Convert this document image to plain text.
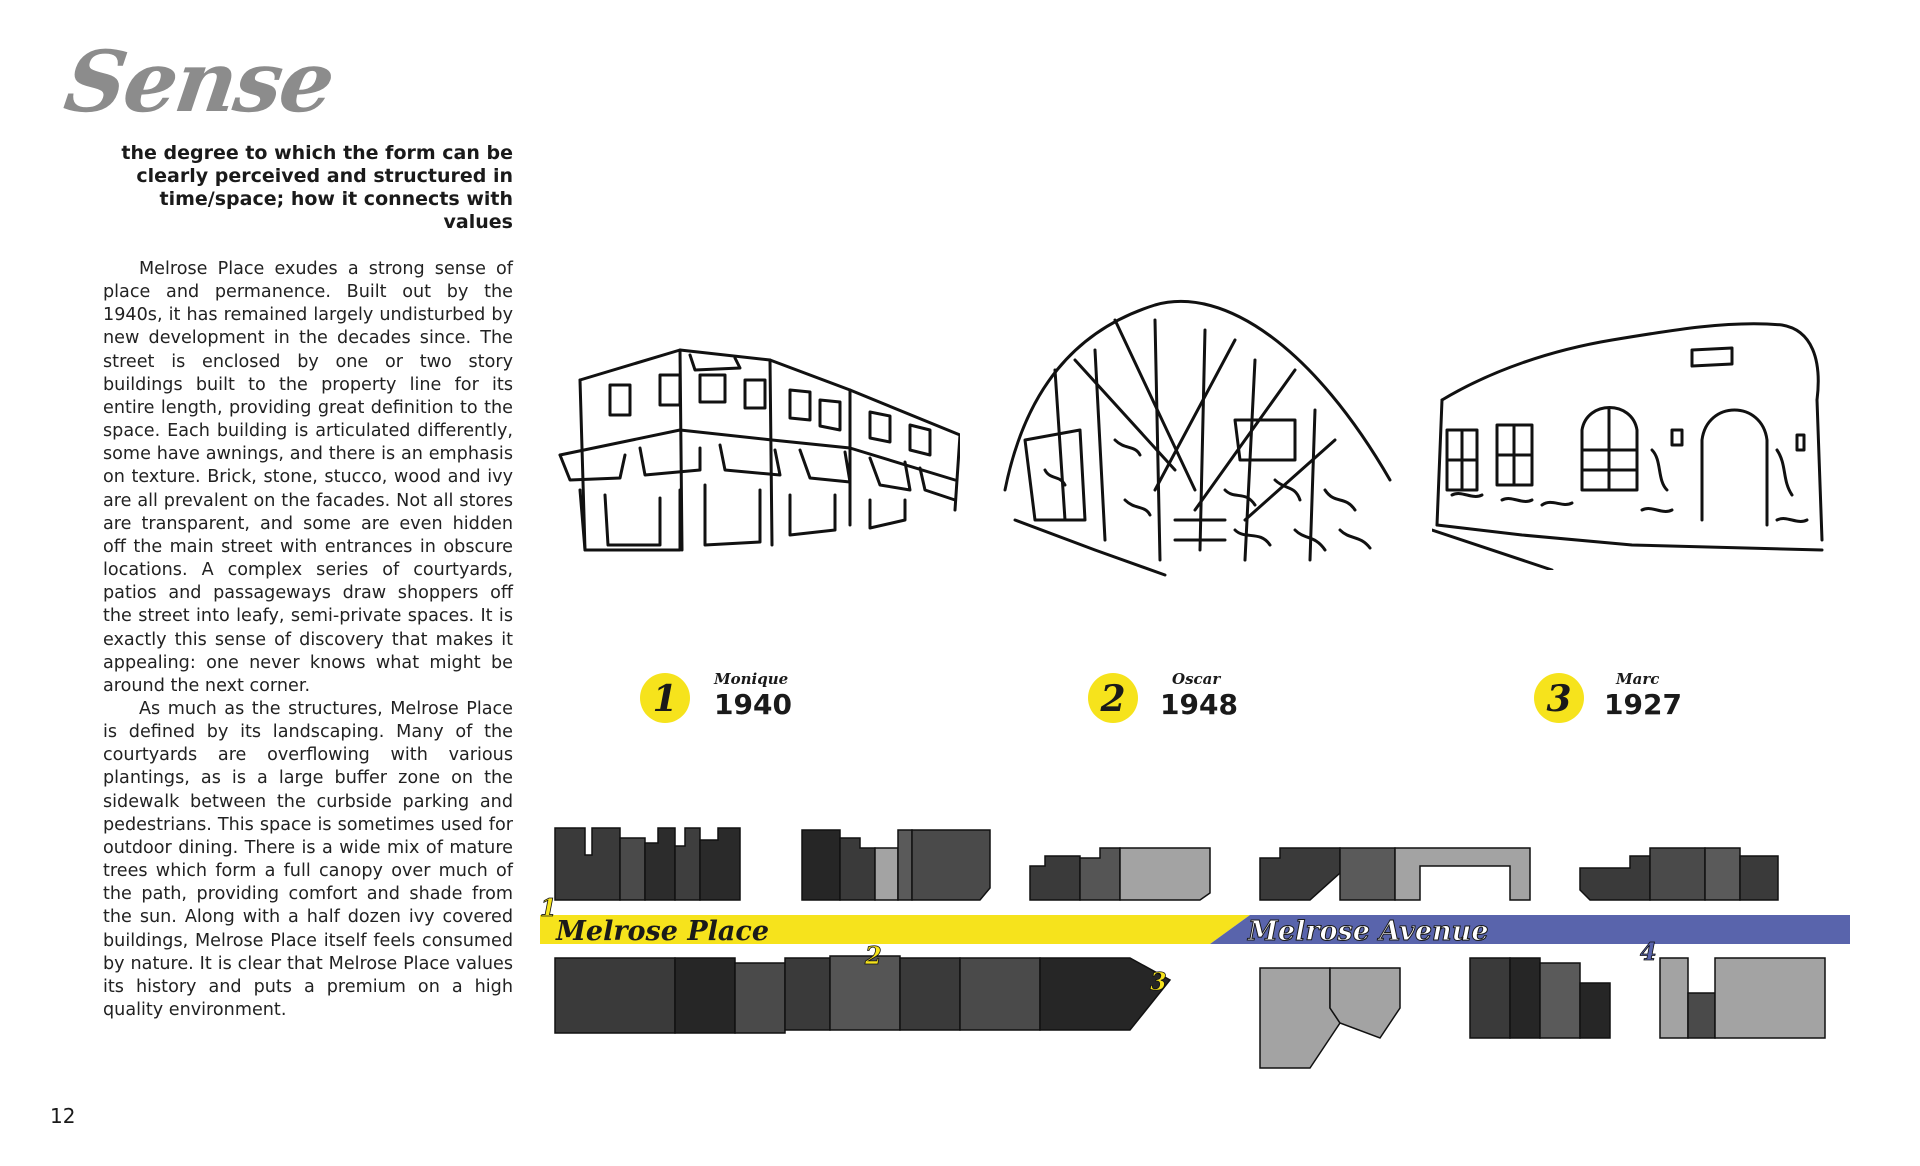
Sense
the degree to which the form can be clearly perceived and structured in time/space; how it connects with values

Melrose Place exudes a strong sense of place and permanence. Built out by the 1940s, it has remained largely undisturbed by new development in the decades since. The street is enclosed by one or two story buildings built to the property line for its entire length, providing great definition to the space. Each building is articulated differently, some have awnings, and there is an emphasis on texture. Brick, stone, stucco, wood and ivy are all prevalent on the facades. Not all stores are transparent, and some are even hidden off the main street with entrances in obscure locations. A complex series of courtyards, patios and passageways draw shoppers off the street into leafy, semi-private spaces. It is exactly this sense of discovery that makes it appealing: one never knows what might be around the next corner.

As much as the structures, Melrose Place is defined by its landscaping. Many of the courtyards are overflowing with various plantings, as is a large buffer zone on the sidewalk between the curbside parking and pedestrians. This space is sometimes used for outdoor dining. There is a wide mix of mature trees which form a full canopy over much of the path, providing comfort and shade from the sun. Along with a half dozen ivy covered buildings, Melrose Place itself feels consumed by nature. It is clear that Melrose Place values its history and puts a premium on a high quality environment.

1	Monique
1940	2	Oscar
1948	3	Marc
1927
Melrose Place	Melrose Avenue
1
2
3
4
12
